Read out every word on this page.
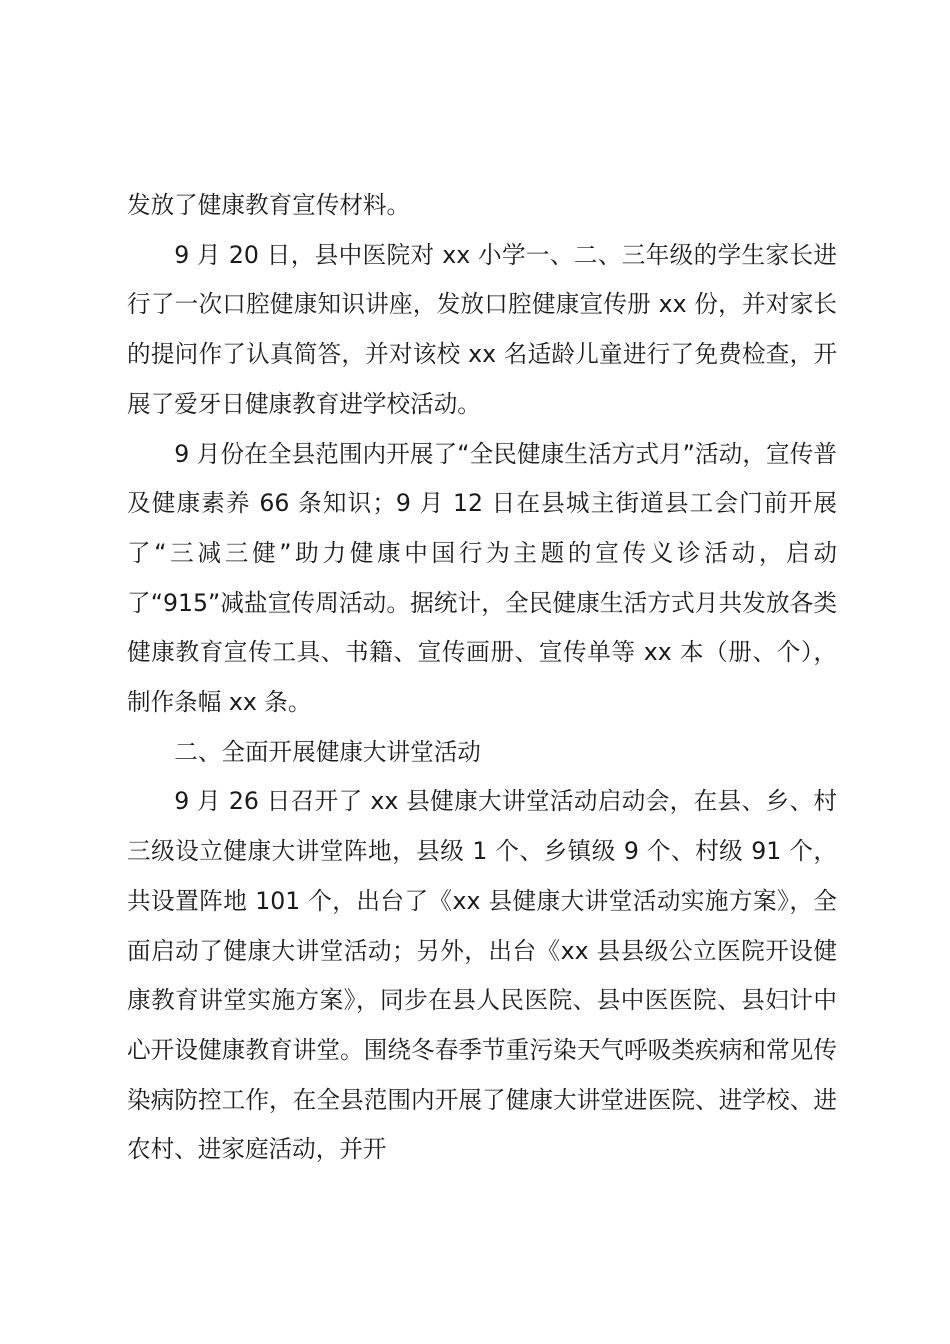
发放了健康教育宣传材料。

9 月 20 日，县中医院对 xx 小学一、二、三年级的学生家长进行了一次口腔健康知识讲座，发放口腔健康宣传册 xx 份，并对家长的提问作了认真简答，并对该校 xx 名适龄儿童进行了免费检查，开展了爱牙日健康教育进学校活动。

9 月份在全县范围内开展了“全民健康生活方式月”活动，宣传普及健康素养 66 条知识；9 月 12 日在县城主街道县工会门前开展了“三减三健”助力健康中国行为主题的宣传义诊活动，启动了“915”减盐宣传周活动。据统计，全民健康生活方式月共发放各类健康教育宣传工具、书籍、宣传画册、宣传单等 xx 本（册、个），制作条幅 xx 条。

二、全面开展健康大讲堂活动

9 月 26 日召开了 xx 县健康大讲堂活动启动会，在县、乡、村三级设立健康大讲堂阵地，县级 1 个、乡镇级 9 个、村级 91 个，共设置阵地 101 个，出台了《xx 县健康大讲堂活动实施方案》，全面启动了健康大讲堂活动；另外，出台《xx 县县级公立医院开设健康教育讲堂实施方案》，同步在县人民医院、县中医医院、县妇计中心开设健康教育讲堂。围绕冬春季节重污染天气呼吸类疾病和常见传染病防控工作，在全县范围内开展了健康大讲堂进医院、进学校、进农村、进家庭活动，并开
